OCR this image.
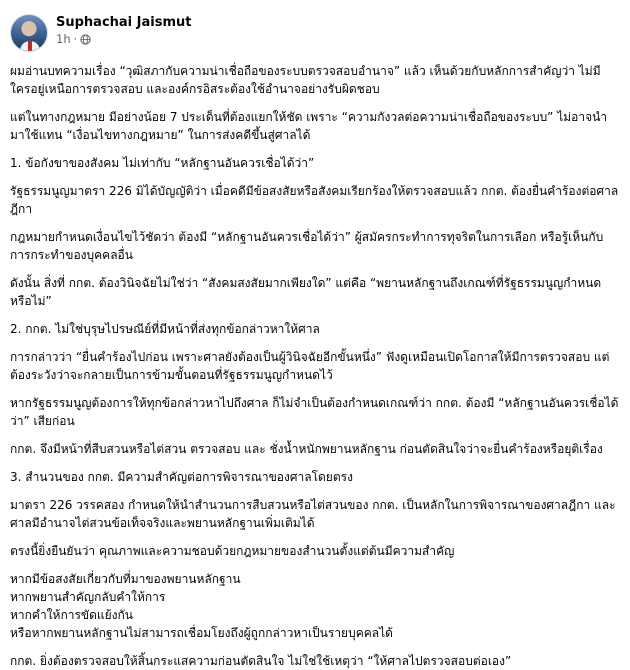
Suphachai Jaismut
1h ·

ผมอ่านบทความเรื่อง “วุฒิสภากับความน่าเชื่อถือของระบบตรวจสอบอำนาจ” แล้ว เห็นด้วยกับหลักการสำคัญว่า ไม่มีใครอยู่เหนือการตรวจสอบ และองค์กรอิสระต้องใช้อำนาจอย่างรับผิดชอบ

แต่ในทางกฎหมาย มีอย่างน้อย 7 ประเด็นที่ต้องแยกให้ชัด เพราะ “ความกังวลต่อความน่าเชื่อถือของระบบ” ไม่อาจนำมาใช้แทน “เงื่อนไขทางกฎหมาย” ในการส่งคดีขึ้นสู่ศาลได้

1. ข้อกังขาของสังคม ไม่เท่ากับ “หลักฐานอันควรเชื่อได้ว่า”

รัฐธรรมนูญมาตรา 226 มิได้บัญญัติว่า เมื่อคดีมีข้อสงสัยหรือสังคมเรียกร้องให้ตรวจสอบแล้ว กกต. ต้องยื่นคำร้องต่อศาลฎีกา

กฎหมายกำหนดเงื่อนไขไว้ชัดว่า ต้องมี “หลักฐานอันควรเชื่อได้ว่า” ผู้สมัครกระทำการทุจริตในการเลือก หรือรู้เห็นกับการกระทำของบุคคลอื่น

ดังนั้น สิ่งที่ กกต. ต้องวินิจฉัยไม่ใช่ว่า “สังคมสงสัยมากเพียงใด” แต่คือ “พยานหลักฐานถึงเกณฑ์ที่รัฐธรรมนูญกำหนดหรือไม่”

2. กกต. ไม่ใช่บุรุษไปรษณีย์ที่มีหน้าที่ส่งทุกข้อกล่าวหาให้ศาล

การกล่าวว่า “ยื่นคำร้องไปก่อน เพราะศาลยังต้องเป็นผู้วินิจฉัยอีกขั้นหนึ่ง” ฟังดูเหมือนเปิดโอกาสให้มีการตรวจสอบ แต่ต้องระวังว่าจะกลายเป็นการข้ามขั้นตอนที่รัฐธรรมนูญกำหนดไว้

หากรัฐธรรมนูญต้องการให้ทุกข้อกล่าวหาไปถึงศาล ก็ไม่จำเป็นต้องกำหนดเกณฑ์ว่า กกต. ต้องมี “หลักฐานอันควรเชื่อได้ว่า” เสียก่อน

กกต. จึงมีหน้าที่สืบสวนหรือไต่สวน ตรวจสอบ และ ชั่งน้ำหนักพยานหลักฐาน ก่อนตัดสินใจว่าจะยื่นคำร้องหรือยุติเรื่อง

3. สำนวนของ กกต. มีความสำคัญต่อการพิจารณาของศาลโดยตรง

มาตรา 226 วรรคสอง กำหนดให้นำสำนวนการสืบสวนหรือไต่สวนของ กกต. เป็นหลักในการพิจารณาของศาลฎีกา และศาลมีอำนาจไต่สวนข้อเท็จจริงและพยานหลักฐานเพิ่มเติมได้

ตรงนี้ยิ่งยืนยันว่า คุณภาพและความชอบด้วยกฎหมายของสำนวนตั้งแต่ต้นมีความสำคัญ

หากมีข้อสงสัยเกี่ยวกับที่มาของพยานหลักฐาน

หากพยานสำคัญกลับคำให้การ

หากคำให้การขัดแย้งกัน

หรือหากพยานหลักฐานไม่สามารถเชื่อมโยงถึงผู้ถูกกล่าวหาเป็นรายบุคคลได้

กกต. ยิ่งต้องตรวจสอบให้สิ้นกระแสความก่อนตัดสินใจ ไม่ใช่ใช้เหตุว่า “ให้ศาลไปตรวจสอบต่อเอง”
